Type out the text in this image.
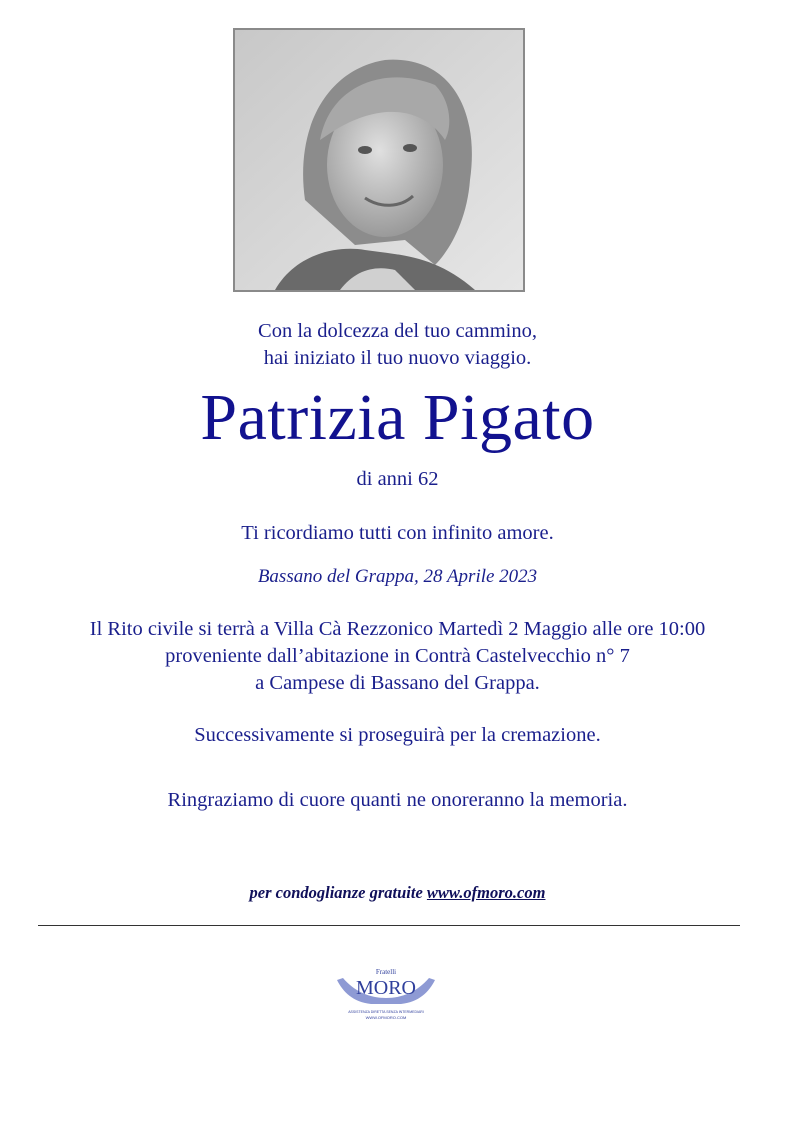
Con la dolcezza del tuo cammino,
hai iniziato il tuo nuovo viaggio.
Patrizia Pigato
di anni 62
Ti ricordiamo tutti con infinito amore.
Bassano del Grappa, 28 Aprile 2023
Il Rito civile si terrà a Villa Cà Rezzonico Martedì 2 Maggio alle ore 10:00
proveniente dall’abitazione in Contrà Castelvecchio n° 7
a Campese di Bassano del Grappa.
Successivamente si proseguirà per la cremazione.
Ringraziamo di cuore quanti ne onoreranno la memoria.
per condoglianze gratuite www.ofmoro.com
Fratelli
MORO
ASSISTENZA DIRETTA SENZA INTERMEDIARI
WWW.OFMORO.COM
